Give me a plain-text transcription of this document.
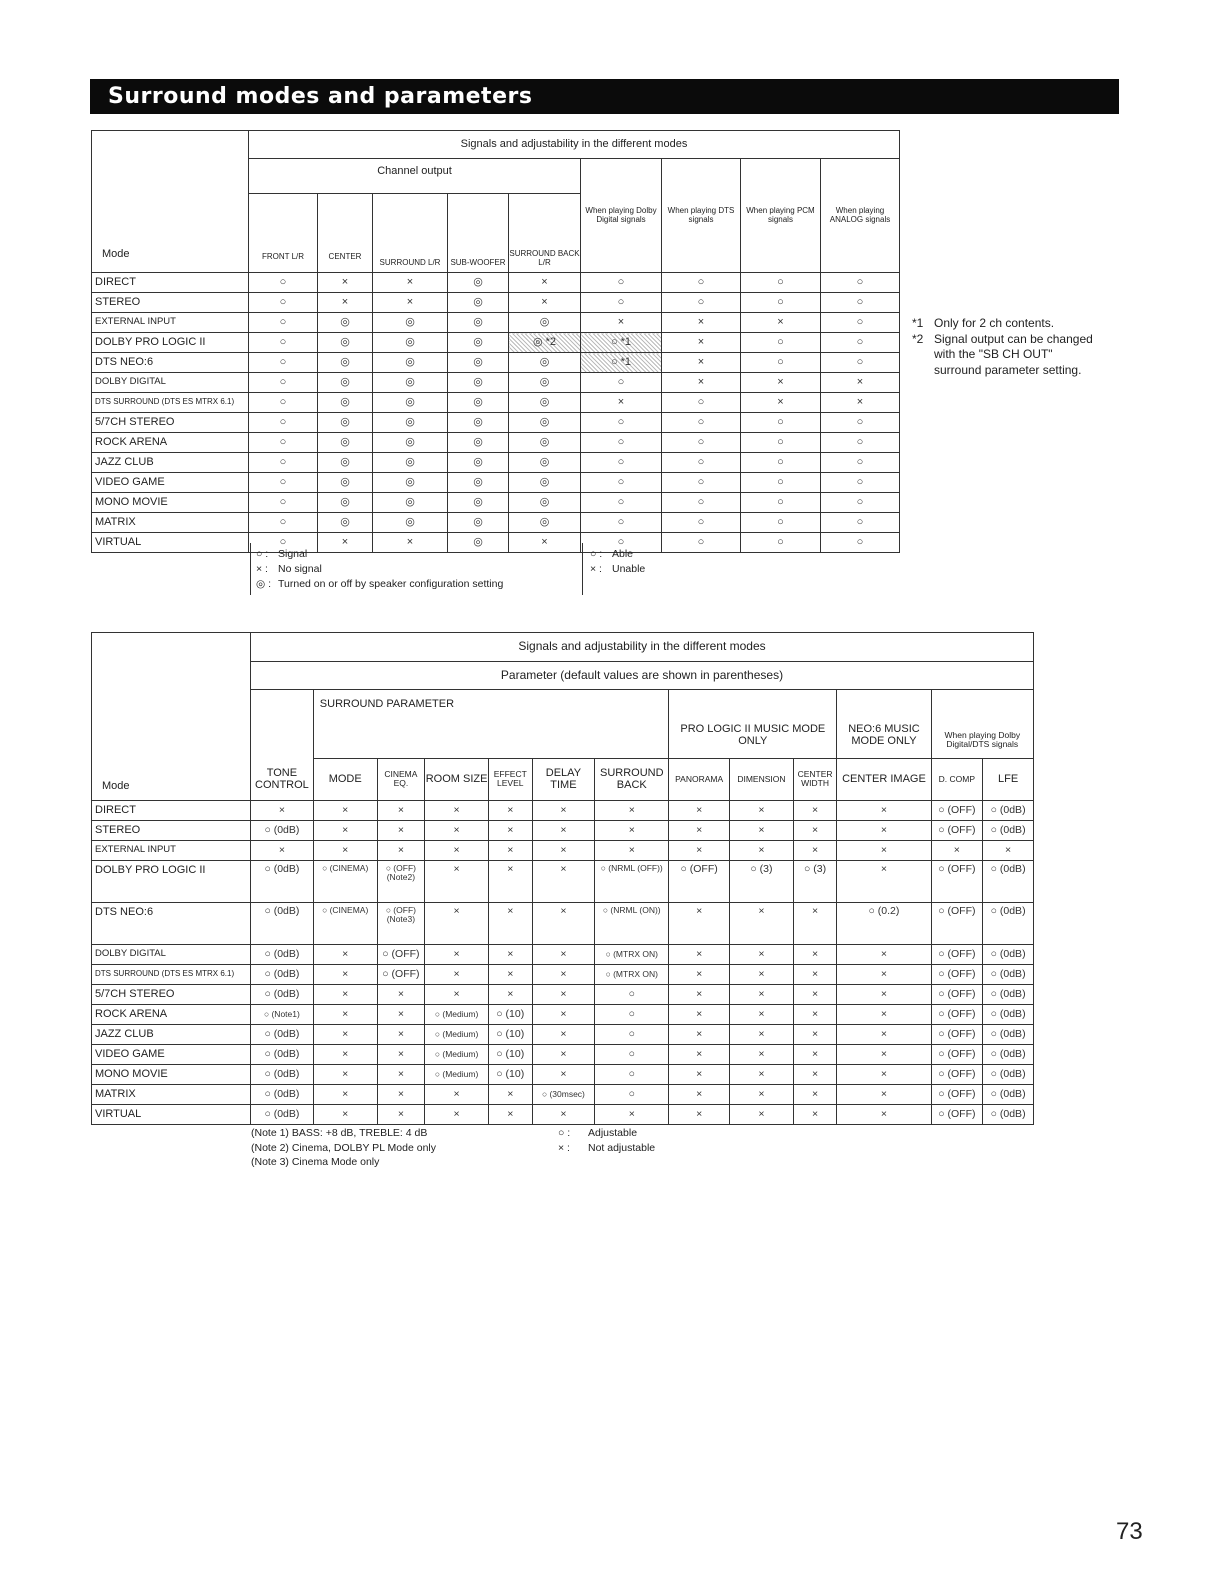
Surround modes and parameters
Mode	Signals and adjustability in the different modes								
	Channel output					When playing Dolby Digital signals	When playing DTS signals	When playing PCM signals	When playing ANALOG signals
	FRONT L/R	CENTER	SURROUND L/R	SUB-WOOFER	SURROUND BACK L/R				
DIRECT	○	×	×	◎	×	○	○	○	○
STEREO	○	×	×	◎	×	○	○	○	○
EXTERNAL INPUT	○	◎	◎	◎	◎	×	×	×	○
DOLBY PRO LOGIC II	○	◎	◎	◎	◎ *2	○ *1	×	○	○
DTS NEO:6	○	◎	◎	◎	◎	○ *1	×	○	○
DOLBY DIGITAL	○	◎	◎	◎	◎	○	×	×	×
DTS SURROUND (DTS ES MTRX 6.1)	○	◎	◎	◎	◎	×	○	×	×
5/7CH STEREO	○	◎	◎	◎	◎	○	○	○	○
ROCK ARENA	○	◎	◎	◎	◎	○	○	○	○
JAZZ CLUB	○	◎	◎	◎	◎	○	○	○	○
VIDEO GAME	○	◎	◎	◎	◎	○	○	○	○
MONO MOVIE	○	◎	◎	◎	◎	○	○	○	○
MATRIX	○	◎	◎	◎	◎	○	○	○	○
VIRTUAL	○	×	×	◎	×	○	○	○	○
*1 Only for 2 ch contents.
*2 Signal output can be changed with the "SB CH OUT" surround parameter setting.
○ : Signal
× : No signal
◎ : Turned on or off by speaker configuration setting
○ : Able
× : Unable
Mode	Signals and adjustability in the different modes												
	Parameter (default values are shown in parentheses)												
		SURROUND PARAMETER						PRO LOGIC II MUSIC MODE ONLY			NEO:6 MUSIC MODE ONLY	When playing Dolby Digital/DTS signals	
	TONE CONTROL	MODE	CINEMA EQ.	ROOM SIZE	EFFECT LEVEL	DELAY TIME	SURROUND BACK	PANORAMA	DIMENSION	CENTER WIDTH	CENTER IMAGE	D. COMP	LFE
DIRECT	×	×	×	×	×	×	×	×	×	×	×	○ (OFF)	○ (0dB)
STEREO	○ (0dB)	×	×	×	×	×	×	×	×	×	×	○ (OFF)	○ (0dB)
EXTERNAL INPUT	×	×	×	×	×	×	×	×	×	×	×	×	×
DOLBY PRO LOGIC II	○ (0dB)	○ (CINEMA)	○ (OFF) (Note2)	×	×	×	○ (NRML (OFF))	○ (OFF)	○ (3)	○ (3)	×	○ (OFF)	○ (0dB)
DTS NEO:6	○ (0dB)	○ (CINEMA)	○ (OFF) (Note3)	×	×	×	○ (NRML (ON))	×	×	×	○ (0.2)	○ (OFF)	○ (0dB)
DOLBY DIGITAL	○ (0dB)	×	○ (OFF)	×	×	×	○ (MTRX ON)	×	×	×	×	○ (OFF)	○ (0dB)
DTS SURROUND (DTS ES MTRX 6.1)	○ (0dB)	×	○ (OFF)	×	×	×	○ (MTRX ON)	×	×	×	×	○ (OFF)	○ (0dB)
5/7CH STEREO	○ (0dB)	×	×	×	×	×	○	×	×	×	×	○ (OFF)	○ (0dB)
ROCK ARENA	○ (Note1)	×	×	○ (Medium)	○ (10)	×	○	×	×	×	×	○ (OFF)	○ (0dB)
JAZZ CLUB	○ (0dB)	×	×	○ (Medium)	○ (10)	×	○	×	×	×	×	○ (OFF)	○ (0dB)
VIDEO GAME	○ (0dB)	×	×	○ (Medium)	○ (10)	×	○	×	×	×	×	○ (OFF)	○ (0dB)
MONO MOVIE	○ (0dB)	×	×	○ (Medium)	○ (10)	×	○	×	×	×	×	○ (OFF)	○ (0dB)
MATRIX	○ (0dB)	×	×	×	×	○ (30msec)	○	×	×	×	×	○ (OFF)	○ (0dB)
VIRTUAL	○ (0dB)	×	×	×	×	×	×	×	×	×	×	○ (OFF)	○ (0dB)
(Note 1) BASS: +8 dB, TREBLE: 4 dB
(Note 2) Cinema, DOLBY PL Mode only
(Note 3) Cinema Mode only
○ : Adjustable
× : Not adjustable
73
